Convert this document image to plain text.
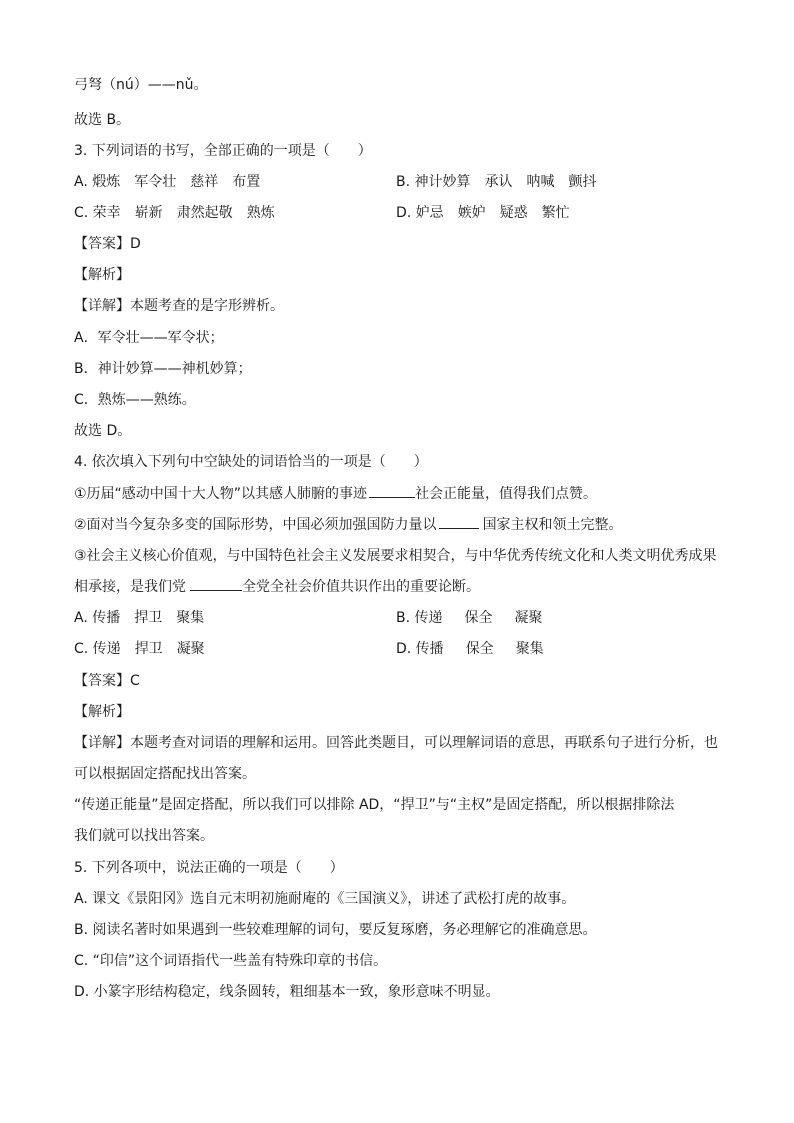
弓弩（nú）——nǔ。
故选 B。
3. 下列词语的书写，全部正确的一项是（　　）
A. 煅炼 军令壮 慈祥 布置	B. 神计妙算 承认 呐喊 颤抖
C. 荣幸 崭新 肃然起敬 熟炼	D. 妒忌 嫉妒 疑惑 繁忙
【答案】D
【解析】
【详解】本题考查的是字形辨析。
A．军令壮——军令状；
B．神计妙算——神机妙算；
C．熟炼——熟练。
故选 D。
4. 依次填入下列句中空缺处的词语恰当的一项是（　　）
①历届“感动中国十大人物”以其感人肺腑的事迹	社会正能量，值得我们点赞。
②面对当今复杂多变的国际形势，中国必须加强国防力量以	国家主权和领土完整。
③社会主义核心价值观，与中国特色社会主义发展要求相契合，与中华优秀传统文化和人类文明优秀成果
相承接，是我们党	全党全社会价值共识作出的重要论断。
A. 传播 捍卫 聚集	B. 传递 保全 凝聚
C. 传递 捍卫 凝聚	D. 传播 保全 聚集
【答案】C
【解析】
【详解】本题考查对词语的理解和运用。回答此类题目，可以理解词语的意思，再联系句子进行分析，也
可以根据固定搭配找出答案。
“传递正能量”是固定搭配，所以我们可以排除 AD，“捍卫”与“主权”是固定搭配，所以根据排除法
我们就可以找出答案。
5. 下列各项中，说法正确的一项是（　　）
A. 课文《景阳冈》选自元末明初施耐庵的《三国演义》，讲述了武松打虎的故事。
B. 阅读名著时如果遇到一些较难理解的词句，要反复琢磨，务必理解它的准确意思。
C. “印信”这个词语指代一些盖有特殊印章的书信。
D. 小篆字形结构稳定，线条圆转，粗细基本一致，象形意味不明显。
